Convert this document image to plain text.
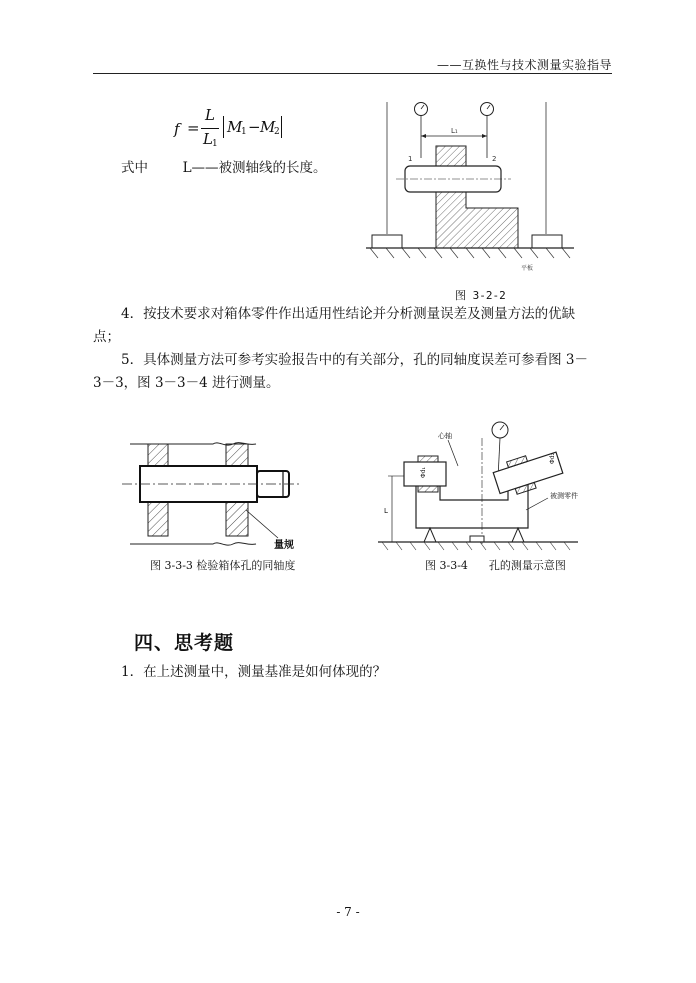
——互换性与技术测量实验指导
f =
L
L 1
M
1 − M
2
式中	L——被测轴线的长度。
L₁
1	2
平板
图 3-2-2
4．按技术要求对箱体零件作出适用性结论并分析测量误差及测量方法的优缺
点；
5．具体测量方法可参考实验报告中的有关部分，孔的同轴度误差可参看图 3－
3－3，图 3－3－4 进行测量。
量规
图 3-3-3 检验箱体孔的同轴度
心轴
Φd₁
Φd₂
被测零件
L
图 3-3-4      孔的测量示意图
四、思考题
1．在上述测量中，测量基准是如何体现的？
- 7 -
